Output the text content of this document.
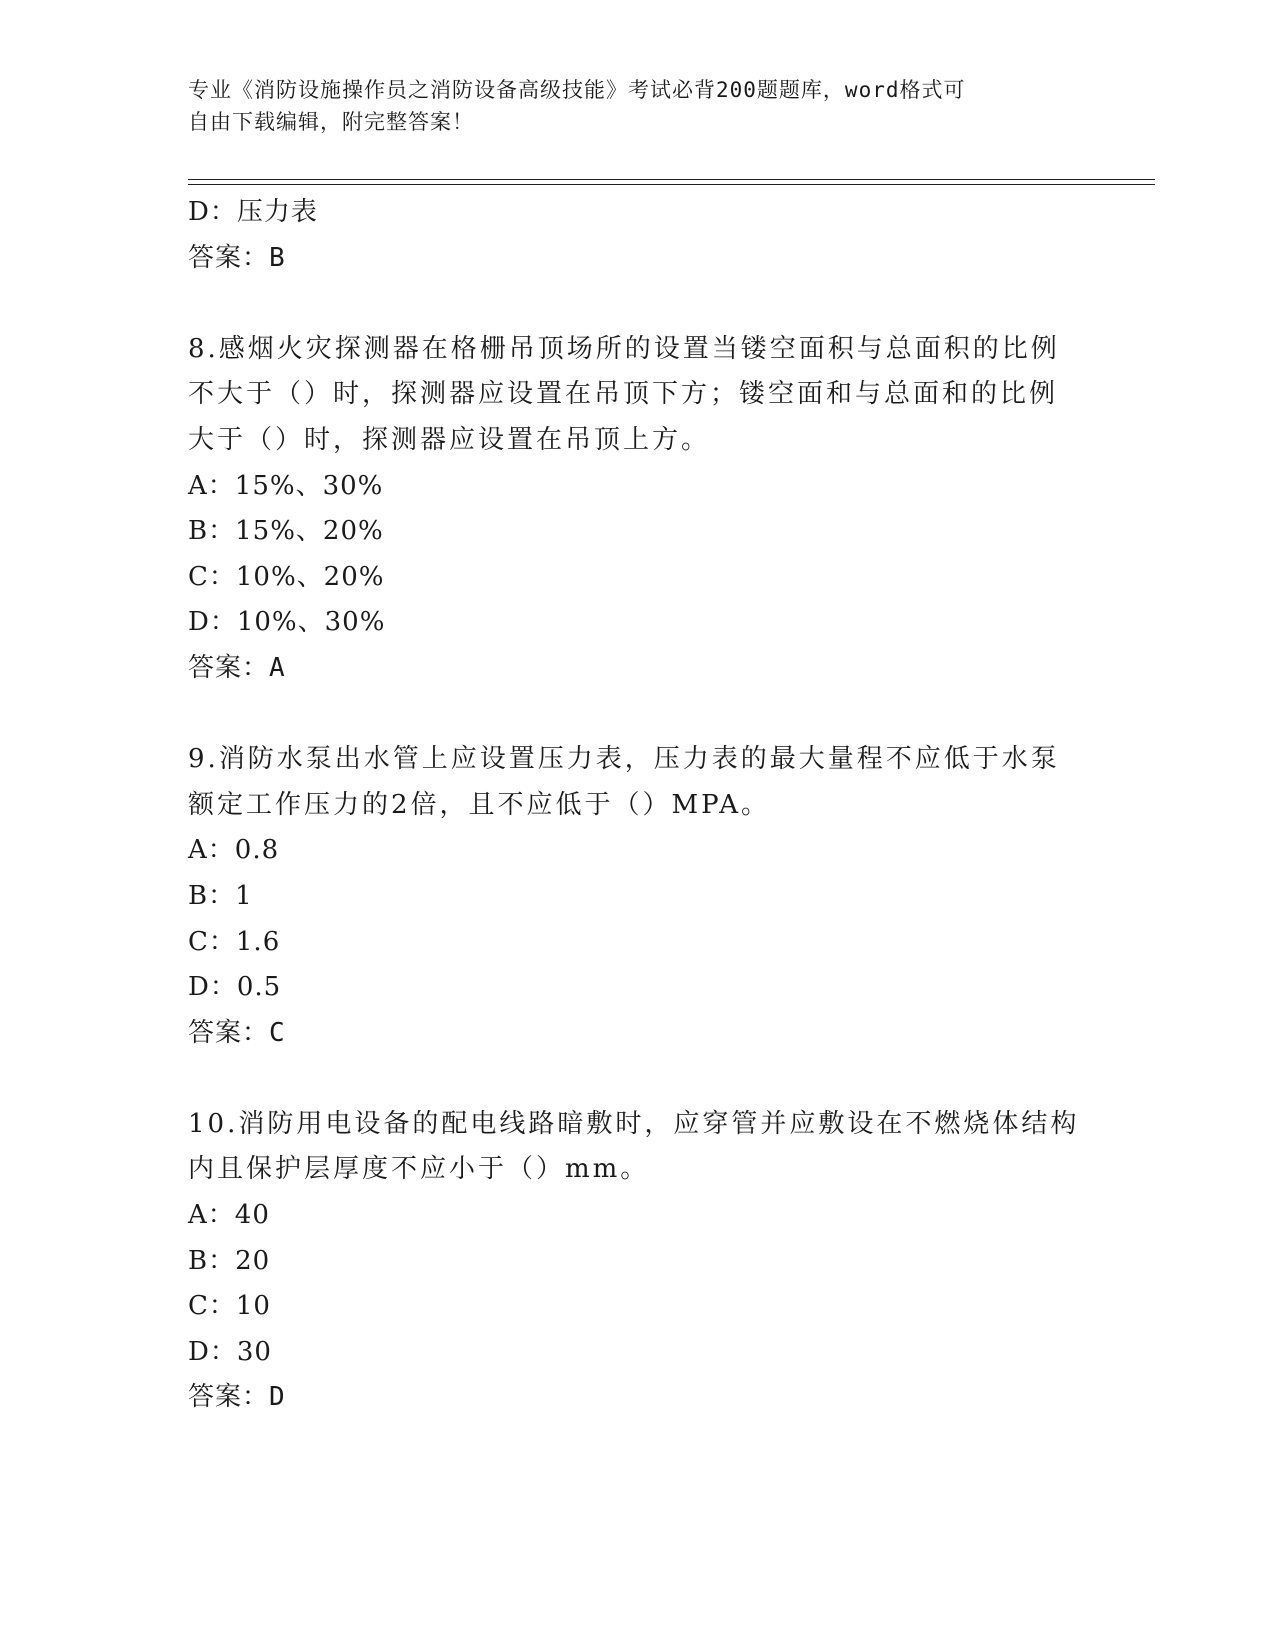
专业《消防设施操作员之消防设备高级技能》考试必背200题题库，word格式可
自由下载编辑，附完整答案！
D：压力表
答案：B
8.感烟火灾探测器在格栅吊顶场所的设置当镂空面积与总面积的比例
不大于（）时，探测器应设置在吊顶下方；镂空面和与总面和的比例
大于（）时，探测器应设置在吊顶上方。
A：15%、30%
B：15%、20%
C：10%、20%
D：10%、30%
答案：A
9.消防水泵出水管上应设置压力表，压力表的最大量程不应低于水泵
额定工作压力的2倍，且不应低于（）MPA。
A：0.8
B：1
C：1.6
D：0.5
答案：C
10.消防用电设备的配电线路暗敷时，应穿管并应敷设在不燃烧体结构
内且保护层厚度不应小于（）mm。
A：40
B：20
C：10
D：30
答案：D
